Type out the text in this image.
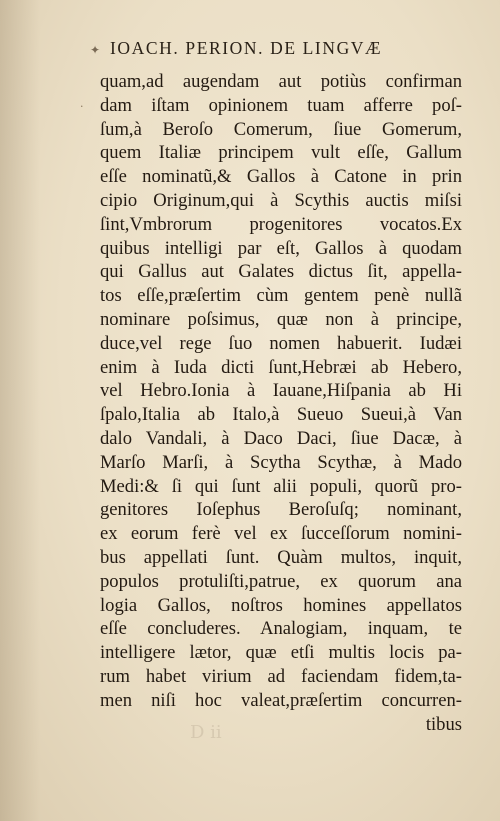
✦ IOACH. PERION. DE LINGVÆ
·
quam,ad augendam aut potiùs confirman
dam iſtam opinionem tuam afferre poſ-
ſum,à Beroſo Comerum, ſiue Gomerum,
quem Italiæ principem vult eſſe, Gallum
eſſe nominatũ,& Gallos à Catone in prin
cipio Originum,qui à Scythis auctis miſsi
ſint,Vmbrorum progenitores vocatos.Ex
quibus intelligi par eſt, Gallos à quodam
qui Gallus aut Galates dictus ſit, appella-
tos eſſe,præſertim cùm gentem penè nullã
nominare poſsimus, quæ non à principe,
duce,vel rege ſuo nomen habuerit. Iudæi
enim à Iuda dicti ſunt,Hebræi ab Hebero,
vel Hebro.Ionia à Iauane,Hiſpania ab Hi
ſpalo,Italia ab Italo,à Sueuo Sueui,à Van
dalo Vandali, à Daco Daci, ſiue Dacæ, à
Marſo Marſi, à Scytha Scythæ, à Mado
Medi:& ſi qui ſunt alii populi, quorũ pro-
genitores Ioſephus Beroſuſq; nominant,
ex eorum ferè vel ex ſucceſſorum nomini-
bus appellati ſunt. Quàm multos, inquit,
populos protuliſti,patrue, ex quorum ana
logia Gallos, noſtros homines appellatos
eſſe concluderes. Analogiam, inquam, te
intelligere lætor, quæ etſi multis locis pa-
rum habet virium ad faciendam fidem,ta-
men niſi hoc valeat,præſertim concurren-
tibus
D ii
